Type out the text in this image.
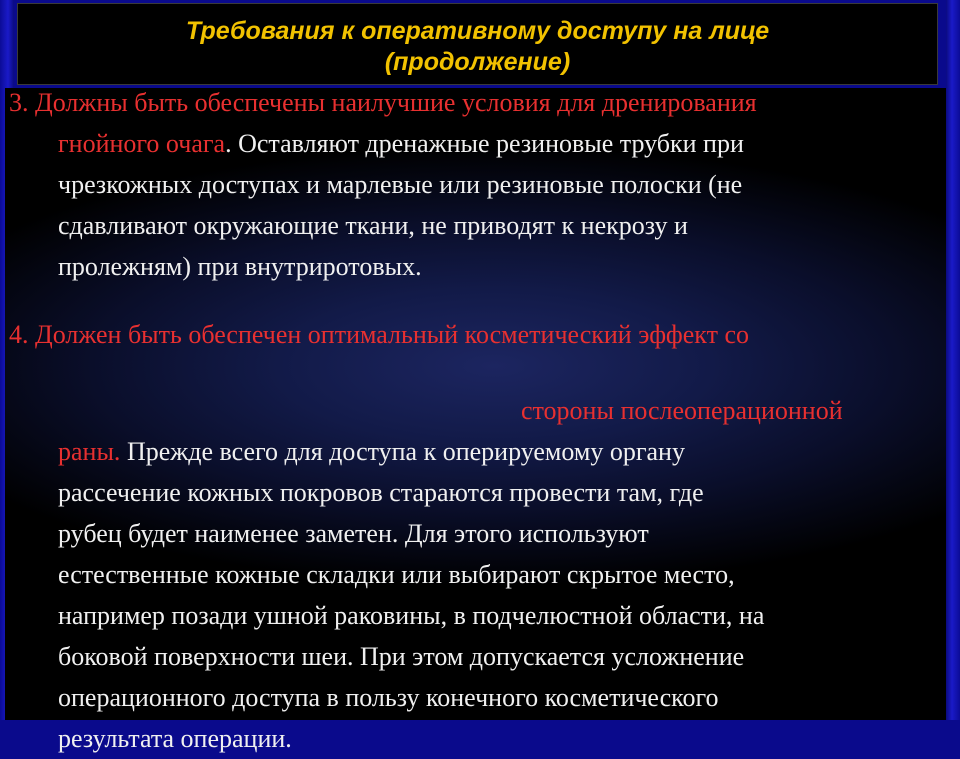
Требования к оперативному доступу на лице
(продолжение)
3. Должны быть обеспечены наилучшие условия для дренирования
гнойного очага. Оставляют дренажные резиновые трубки при
чрезкожных доступах и марлевые или резиновые полоски (не
сдавливают окружающие ткани, не приводят к некрозу и
пролежням) при внутриротовых.
4. Должен быть обеспечен оптимальный косметический эффект со
стороны послеоперационной
раны. Прежде всего для доступа к оперируемому органу
рассечение кожных покровов стараются провести там, где
рубец будет наименее заметен. Для этого используют
естественные кожные складки или выбирают скрытое место,
например позади ушной раковины, в подчелюстной области, на
боковой поверхности шеи. При этом допускается усложнение
операционного доступа в пользу конечного косметического
результата операции.
